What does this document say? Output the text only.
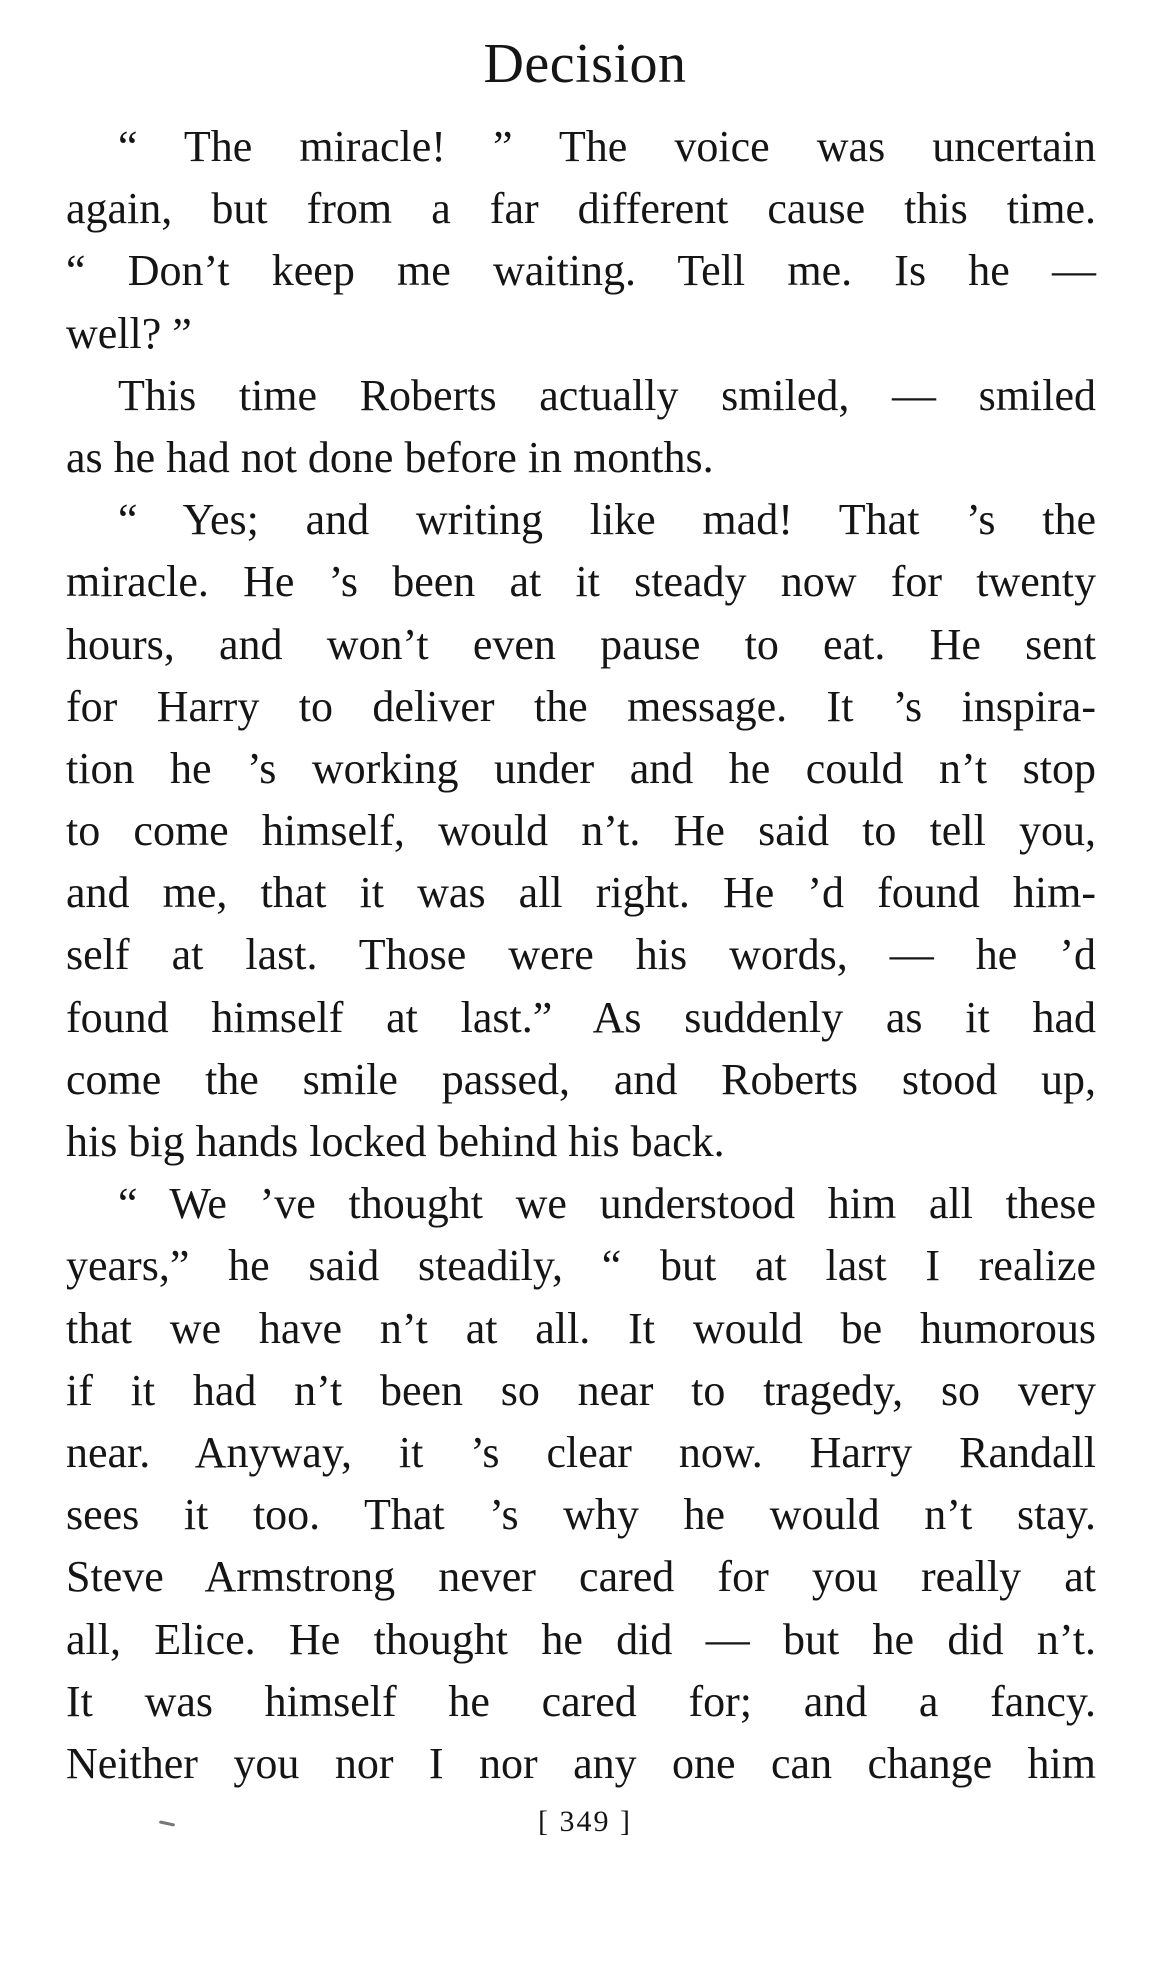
Decision
“ The miracle! ” The voice was uncertain
again, but from a far different cause this time.
“ Don’t keep me waiting. Tell me. Is he —
well? ”
This time Roberts actually smiled, — smiled
as he had not done before in months.
“ Yes; and writing like mad! That ’s the
miracle. He ’s been at it steady now for twenty
hours, and won’t even pause to eat. He sent
for Harry to deliver the message. It ’s inspira-
tion he ’s working under and he could n’t stop
to come himself, would n’t. He said to tell you,
and me, that it was all right. He ’d found him-
self at last. Those were his words, — he ’d
found himself at last.” As suddenly as it had
come the smile passed, and Roberts stood up,
his big hands locked behind his back.
“ We ’ve thought we understood him all these
years,” he said steadily, “ but at last I realize
that we have n’t at all. It would be humorous
if it had n’t been so near to tragedy, so very
near. Anyway, it ’s clear now. Harry Randall
sees it too. That ’s why he would n’t stay.
Steve Armstrong never cared for you really at
all, Elice. He thought he did — but he did n’t.
It was himself he cared for; and a fancy.
Neither you nor I nor any one can change him
[ 349 ]
